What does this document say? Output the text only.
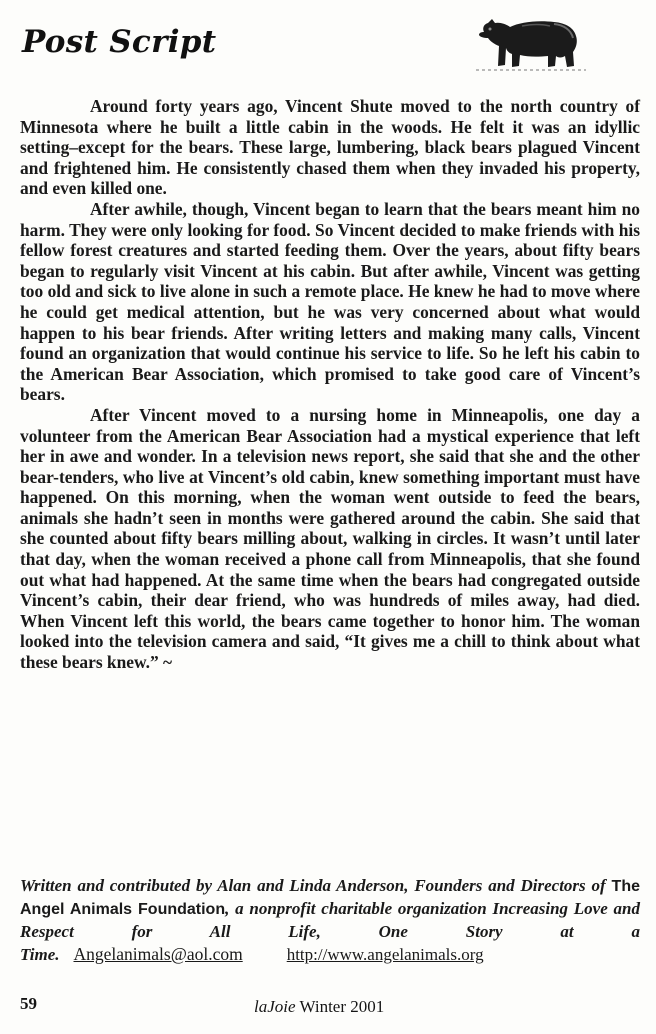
Post Script

Around forty years ago, Vincent Shute moved to the north country of Minnesota where he built a little cabin in the woods. He felt it was an idyllic setting–except for the bears. These large, lumbering, black bears plagued Vincent and frightened him. He consistently chased them when they invaded his property, and even killed one.

After awhile, though, Vincent began to learn that the bears meant him no harm. They were only looking for food. So Vincent decided to make friends with his fellow forest creatures and started feeding them. Over the years, about fifty bears began to regularly visit Vincent at his cabin. But after awhile, Vincent was getting too old and sick to live alone in such a remote place. He knew he had to move where he could get medical attention, but he was very concerned about what would happen to his bear friends. After writing letters and making many calls, Vincent found an organization that would continue his service to life. So he left his cabin to the American Bear Association, which promised to take good care of Vincent’s bears.

After Vincent moved to a nursing home in Minneapolis, one day a volunteer from the American Bear Association had a mystical experience that left her in awe and wonder. In a television news report, she said that she and the other bear-tenders, who live at Vincent’s old cabin, knew something important must have happened. On this morning, when the woman went outside to feed the bears, animals she hadn’t seen in months were gathered around the cabin. She said that she counted about fifty bears milling about, walking in circles. It wasn’t until later that day, when the woman received a phone call from Minneapolis, that she found out what had happened. At the same time when the bears had congregated outside Vincent’s cabin, their dear friend, who was hundreds of miles away, had died. When Vincent left this world, the bears came together to honor him. The woman looked into the television camera and said, “It gives me a chill to think about what these bears knew.” ~

Written and contributed by Alan and Linda Anderson, Founders and Directors of The Angel Animals Foundation, a nonprofit charitable organization Increasing Love and Respect for All Life, One Story at a Time. Angelanimals@aol.com	http://www.angelanimals.org
59	laJoie Winter 2001
